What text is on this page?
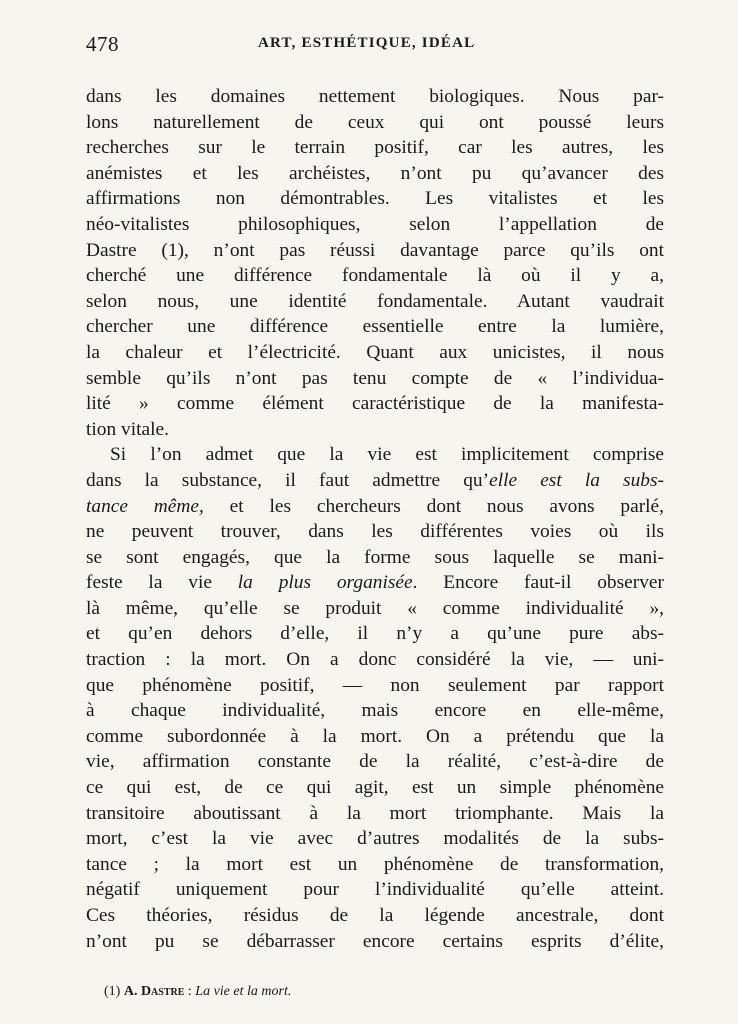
478	ART, ESTHÉTIQUE, IDÉAL
dans les domaines nettement biologiques. Nous par-
lons naturellement de ceux qui ont poussé leurs
recherches sur le terrain positif, car les autres, les
anémistes et les archéistes, n’ont pu qu’avancer des
affirmations non démontrables. Les vitalistes et les
néo-vitalistes philosophiques, selon l’appellation de
Dastre (1), n’ont pas réussi davantage parce qu’ils ont
cherché une différence fondamentale là où il y a,
selon nous, une identité fondamentale. Autant vaudrait
chercher une différence essentielle entre la lumière,
la chaleur et l’électricité. Quant aux unicistes, il nous
semble qu’ils n’ont pas tenu compte de « l’individua-
lité » comme élément caractéristique de la manifesta-
tion vitale.
Si l’on admet que la vie est implicitement comprise
dans la substance, il faut admettre qu’elle est la subs-
tance même, et les chercheurs dont nous avons parlé,
ne peuvent trouver, dans les différentes voies où ils
se sont engagés, que la forme sous laquelle se mani-
feste la vie la plus organisée. Encore faut-il observer
là même, qu’elle se produit « comme individualité »,
et qu’en dehors d’elle, il n’y a qu’une pure abs-
traction : la mort. On a donc considéré la vie, — uni-
que phénomène positif, — non seulement par rapport
à chaque individualité, mais encore en elle-même,
comme subordonnée à la mort. On a prétendu que la
vie, affirmation constante de la réalité, c’est-à-dire de
ce qui est, de ce qui agit, est un simple phénomène
transitoire aboutissant à la mort triomphante. Mais la
mort, c’est la vie avec d’autres modalités de la subs-
tance ; la mort est un phénomène de transformation,
négatif uniquement pour l’individualité qu’elle atteint.
Ces théories, résidus de la légende ancestrale, dont
n’ont pu se débarrasser encore certains esprits d’élite,
(1) A. Dastre : La vie et la mort.
